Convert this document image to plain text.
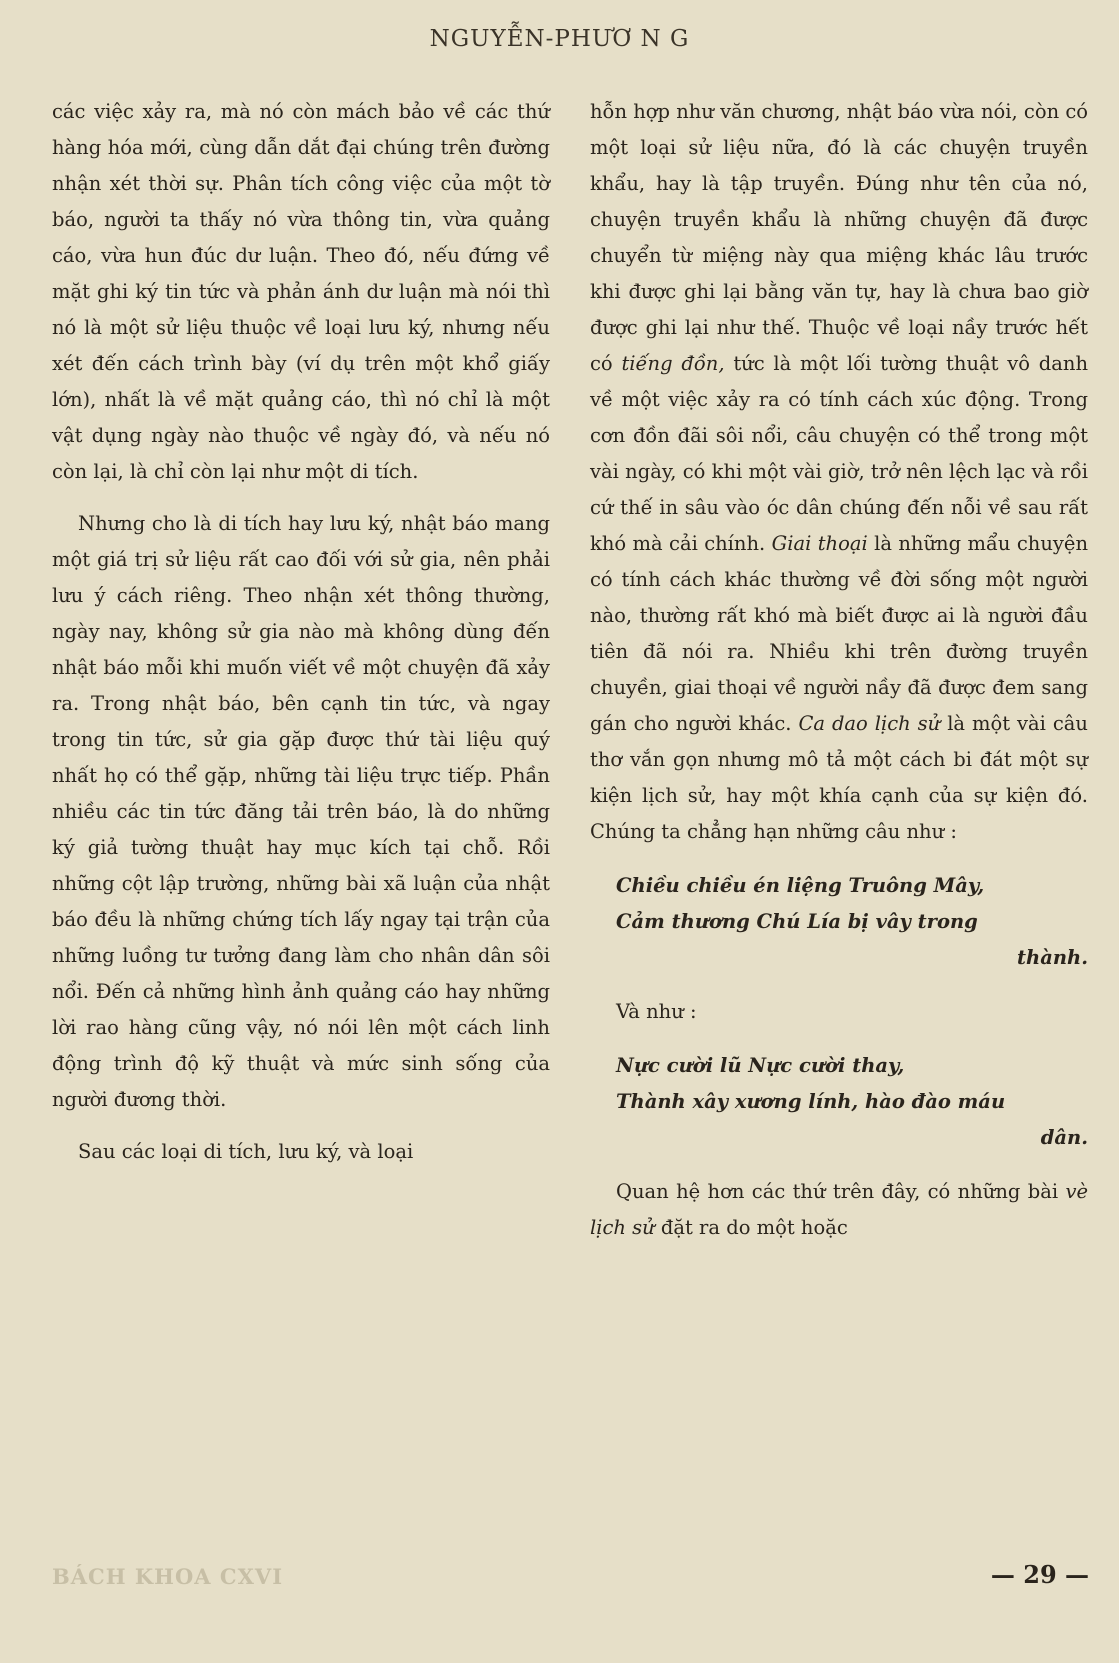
NGUYỄN-PHƯƠ N G

các việc xảy ra, mà nó còn mách bảo về các thứ hàng hóa mới, cùng dẫn dắt đại chúng trên đường nhận xét thời sự. Phân tích công việc của một tờ báo, người ta thấy nó vừa thông tin, vừa quảng cáo, vừa hun đúc dư luận. Theo đó, nếu đứng về mặt ghi ký tin tức và phản ánh dư luận mà nói thì nó là một sử liệu thuộc về loại lưu ký, nhưng nếu xét đến cách trình bày (ví dụ trên một khổ giấy lớn), nhất là về mặt quảng cáo, thì nó chỉ là một vật dụng ngày nào thuộc về ngày đó, và nếu nó còn lại, là chỉ còn lại như một di tích.

Nhưng cho là di tích hay lưu ký, nhật báo mang một giá trị sử liệu rất cao đối với sử gia, nên phải lưu ý cách riêng. Theo nhận xét thông thường, ngày nay, không sử gia nào mà không dùng đến nhật báo mỗi khi muốn viết về một chuyện đã xảy ra. Trong nhật báo, bên cạnh tin tức, và ngay trong tin tức, sử gia gặp được thứ tài liệu quý nhất họ có thể gặp, những tài liệu trực tiếp. Phần nhiều các tin tức đăng tải trên báo, là do những ký giả tường thuật hay mục kích tại chỗ. Rồi những cột lập trường, những bài xã luận của nhật báo đều là những chứng tích lấy ngay tại trận của những luồng tư tưởng đang làm cho nhân dân sôi nổi. Đến cả những hình ảnh quảng cáo hay những lời rao hàng cũng vậy, nó nói lên một cách linh động trình độ kỹ thuật và mức sinh sống của người đương thời.

Sau các loại di tích, lưu ký, và loại

hỗn hợp như văn chương, nhật báo vừa nói, còn có một loại sử liệu nữa, đó là các chuyện truyền khẩu, hay là tập truyền. Đúng như tên của nó, chuyện truyền khẩu là những chuyện đã được chuyển từ miệng này qua miệng khác lâu trước khi được ghi lại bằng văn tự, hay là chưa bao giờ được ghi lại như thế. Thuộc về loại nầy trước hết có tiếng đồn, tức là một lối tường thuật vô danh về một việc xảy ra có tính cách xúc động. Trong cơn đồn đãi sôi nổi, câu chuyện có thể trong một vài ngày, có khi một vài giờ, trở nên lệch lạc và rồi cứ thế in sâu vào óc dân chúng đến nỗi về sau rất khó mà cải chính. Giai thoại là những mẩu chuyện có tính cách khác thường về đời sống một người nào, thường rất khó mà biết được ai là người đầu tiên đã nói ra. Nhiều khi trên đường truyền chuyền, giai thoại về người nầy đã được đem sang gán cho người khác. Ca dao lịch sử là một vài câu thơ vắn gọn nhưng mô tả một cách bi đát một sự kiện lịch sử, hay một khía cạnh của sự kiện đó. Chúng ta chẳng hạn những câu như :

Chiều chiều én liệng Truông Mây,
Cảm thương Chú Lía bị vây trong
thành.

Và như :

Nực cười lũ Nực cười thay,
Thành xây xương lính, hào đào máu
dân.

Quan hệ hơn các thứ trên đây, có những bài vè lịch sử đặt ra do một hoặc

BÁCH KHOA CXVI	— 29 —
